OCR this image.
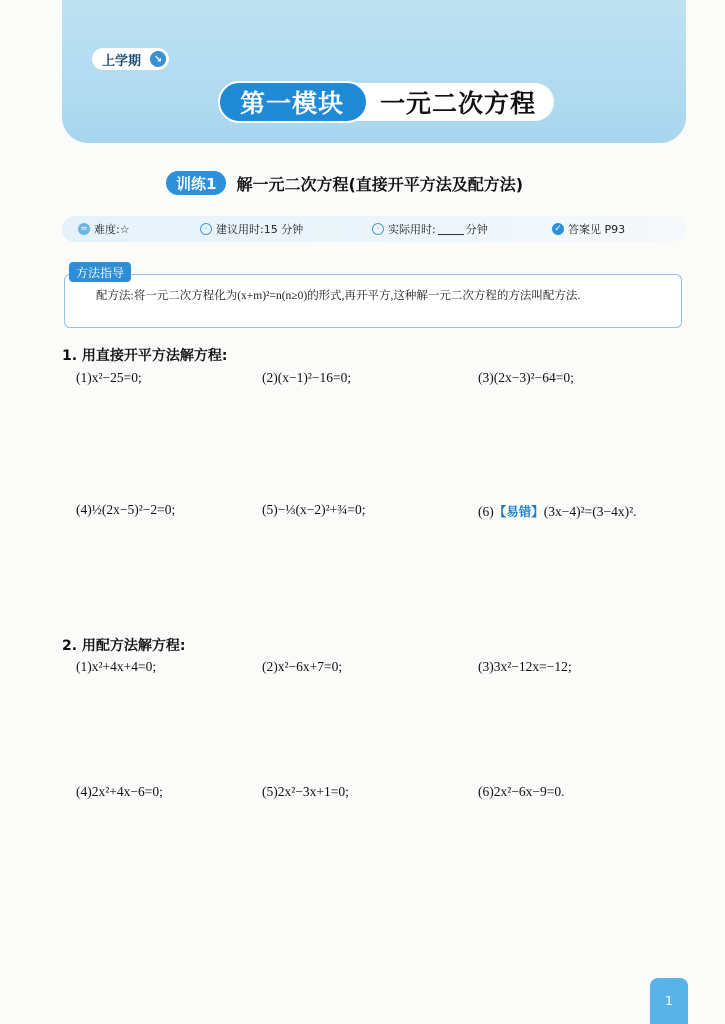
上学期	↘
第一模块	一元二次方程
训练1	解一元二次方程(直接开平方法及配方法)
≈ 难度:☆	· 建议用时:15 分钟	· 实际用时:	分钟	✓ 答案见 P93
方法指导
配方法:将一元二次方程化为(x+m)²=n(n≥0)的形式,再开平方,这种解一元二次方程的方法叫配方法.
1. 用直接开平方法解方程:
(1)x²−25=0;	(2)(x−1)²−16=0;	(3)(2x−3)²−64=0;
(4)½(2x−5)²−2=0;	(5)−⅓(x−2)²+¾=0;	(6)【易错】(3x−4)²=(3−4x)².
2. 用配方法解方程:
(1)x²+4x+4=0;	(2)x²−6x+7=0;	(3)3x²−12x=−12;
(4)2x²+4x−6=0;	(5)2x²−3x+1=0;	(6)2x²−6x−9=0.
1
